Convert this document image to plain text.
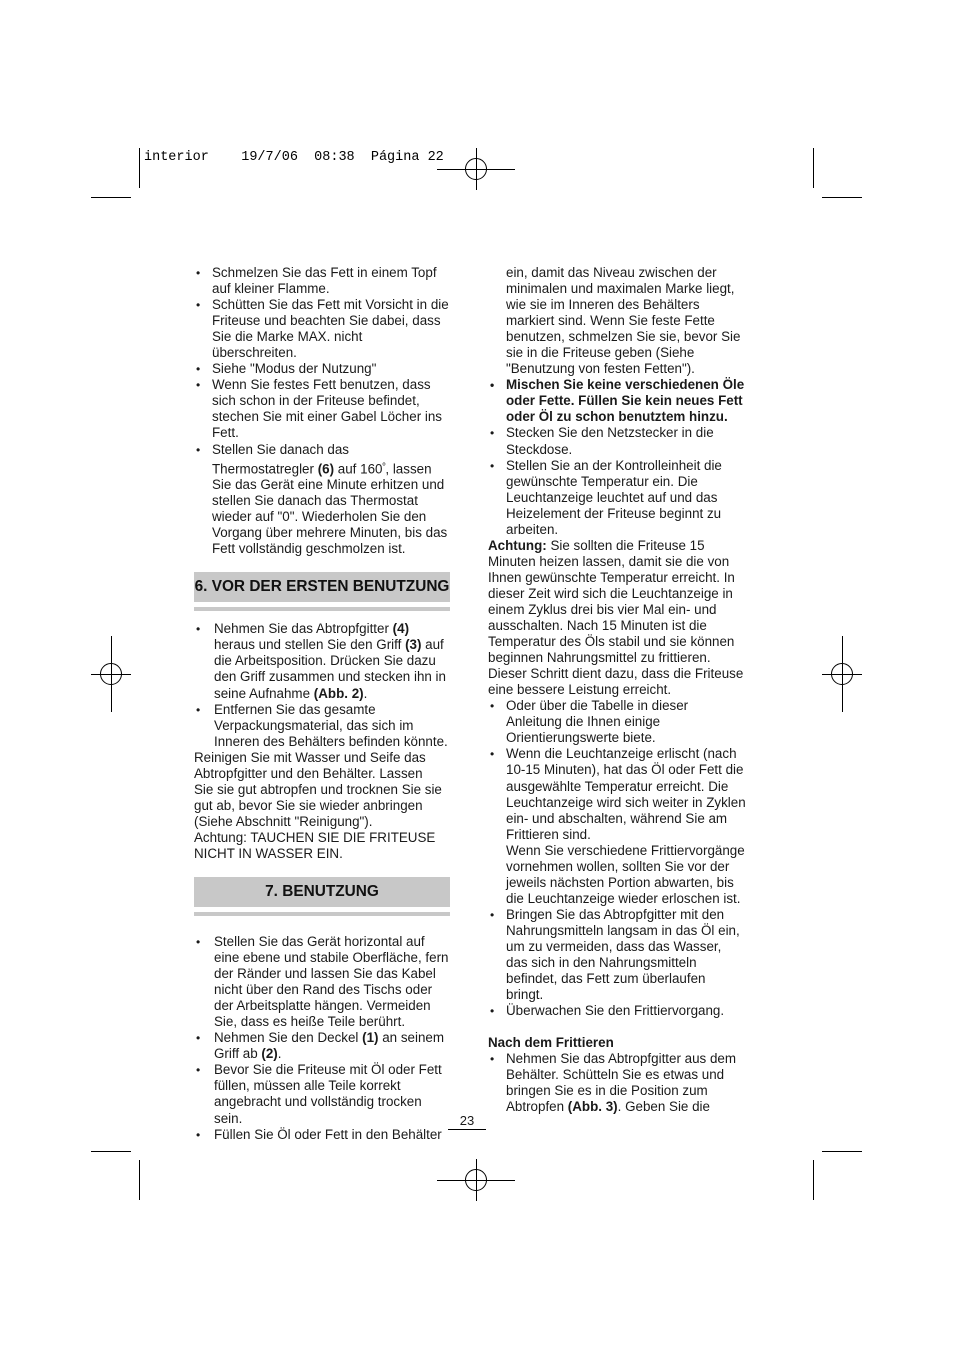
interior 19/7/06 08:38 Página 22

• Schmelzen Sie das Fett in einem Topf auf kleiner Flamme.

• Schütten Sie das Fett mit Vorsicht in die Friteuse und beachten Sie dabei, dass Sie die Marke MAX. nicht überschreiten.

• Siehe "Modus der Nutzung"

• Wenn Sie festes Fett benutzen, dass sich schon in der Friteuse befindet, stechen Sie mit einer Gabel Löcher ins Fett.

• Stellen Sie danach das Thermostatregler (6) auf $160^º$, lassen Sie das Gerät eine Minute erhitzen und stellen Sie danach das Thermostat wieder auf "0". Wiederholen Sie den Vorgang über mehrere Minuten, bis das Fett vollständig geschmolzen ist.

6. VOR DER ERSTEN BENUTZUNG

• Nehmen Sie das Abtropfgitter (4) heraus und stellen Sie den Griff (3) auf die Arbeitsposition. Drücken Sie dazu den Griff zusammen und stecken ihn in seine Aufnahme (Abb. 2).

• Entfernen Sie das gesamte Verpackungsmaterial, das sich im Inneren des Behälters befinden könnte.

Reinigen Sie mit Wasser und Seife das Abtropfgitter und den Behälter. Lassen Sie sie gut abtropfen und trocknen Sie sie gut ab, bevor Sie sie wieder anbringen (Siehe Abschnitt "Reinigung").

Achtung: TAUCHEN SIE DIE FRITEUSE NICHT IN WASSER EIN.

7. BENUTZUNG

• Stellen Sie das Gerät horizontal auf eine ebene und stabile Oberfläche, fern der Ränder und lassen Sie das Kabel nicht über den Rand des Tischs oder der Arbeitsplatte hängen. Vermeiden Sie, dass es heiße Teile berührt.

• Nehmen Sie den Deckel (1) an seinem Griff ab (2).

• Bevor Sie die Friteuse mit Öl oder Fett füllen, müssen alle Teile korrekt angebracht und vollständig trocken sein.

• Füllen Sie Öl oder Fett in den Behälter

ein, damit das Niveau zwischen der minimalen und maximalen Marke liegt, wie sie im Inneren des Behälters markiert sind. Wenn Sie feste Fette benutzen, schmelzen Sie sie, bevor Sie sie in die Friteuse geben (Siehe "Benutzung von festen Fetten").

• Mischen Sie keine verschiedenen Öle oder Fette. Füllen Sie kein neues Fett oder Öl zu schon benutztem hinzu.

• Stecken Sie den Netzstecker in die Steckdose.

• Stellen Sie an der Kontrolleinheit die gewünschte Temperatur ein. Die Leuchtanzeige leuchtet auf und das Heizelement der Friteuse beginnt zu arbeiten.

Achtung: Sie sollten die Friteuse 15 Minuten heizen lassen, damit sie die von Ihnen gewünschte Temperatur erreicht. In dieser Zeit wird sich die Leuchtanzeige in einem Zyklus drei bis vier Mal ein- und ausschalten. Nach 15 Minuten ist die Temperatur des Öls stabil und sie können beginnen Nahrungsmittel zu frittieren. Dieser Schritt dient dazu, dass die Friteuse eine bessere Leistung erreicht.

• Oder über die Tabelle in dieser Anleitung die Ihnen einige Orientierungswerte biete.

• Wenn die Leuchtanzeige erlischt (nach 10-15 Minuten), hat das Öl oder Fett die ausgewählte Temperatur erreicht. Die Leuchtanzeige wird sich weiter in Zyklen ein- und abschalten, während Sie am Frittieren sind.

Wenn Sie verschiedene Frittiervorgänge vornehmen wollen, sollten Sie vor der jeweils nächsten Portion abwarten, bis die Leuchtanzeige wieder erloschen ist.

• Bringen Sie das Abtropfgitter mit den Nahrungsmitteln langsam in das Öl ein, um zu vermeiden, dass das Wasser, das sich in den Nahrungsmitteln befindet, das Fett zum überlaufen bringt.

• Überwachen Sie den Frittiervorgang.

Nach dem Frittieren

• Nehmen Sie das Abtropfgitter aus dem Behälter. Schütteln Sie es etwas und bringen Sie es in die Position zum Abtropfen (Abb. 3). Geben Sie die

23
